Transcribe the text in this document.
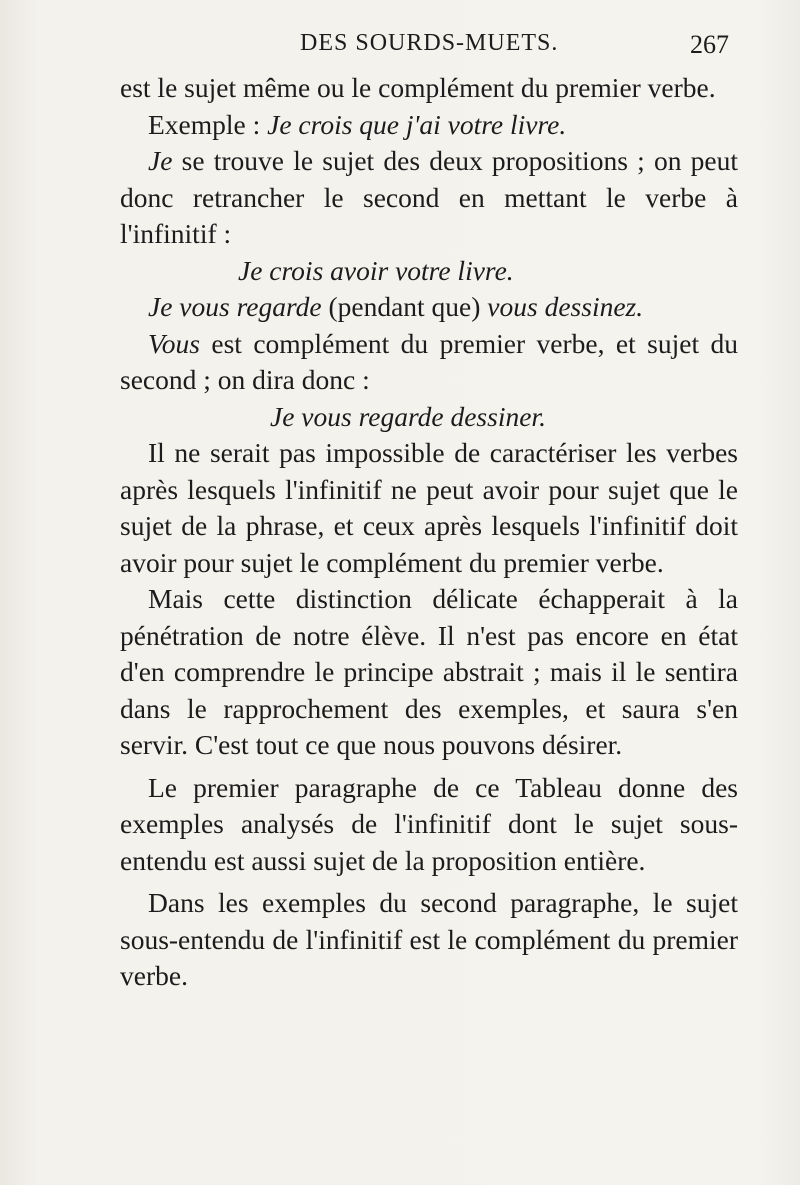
DES SOURDS-MUETS.	267

est le sujet même ou le complément du premier verbe.

Exemple : Je crois que j'ai votre livre.

Je se trouve le sujet des deux propositions ; on peut donc retrancher le second en mettant le verbe à l'infinitif :

Je crois avoir votre livre.

Je vous regarde (pendant que) vous dessinez.

Vous est complément du premier verbe, et sujet du second ; on dira donc :

Je vous regarde dessiner.

Il ne serait pas impossible de caractériser les verbes après lesquels l'infinitif ne peut avoir pour sujet que le sujet de la phrase, et ceux après lesquels l'infinitif doit avoir pour sujet le complément du premier verbe.

Mais cette distinction délicate échapperait à la pénétration de notre élève. Il n'est pas encore en état d'en comprendre le principe abstrait ; mais il le sentira dans le rapprochement des exemples, et saura s'en servir. C'est tout ce que nous pouvons désirer.

Le premier paragraphe de ce Tableau donne des exemples analysés de l'infinitif dont le sujet sous-entendu est aussi sujet de la proposition entière.

Dans les exemples du second paragraphe, le sujet sous-entendu de l'infinitif est le complément du premier verbe.
